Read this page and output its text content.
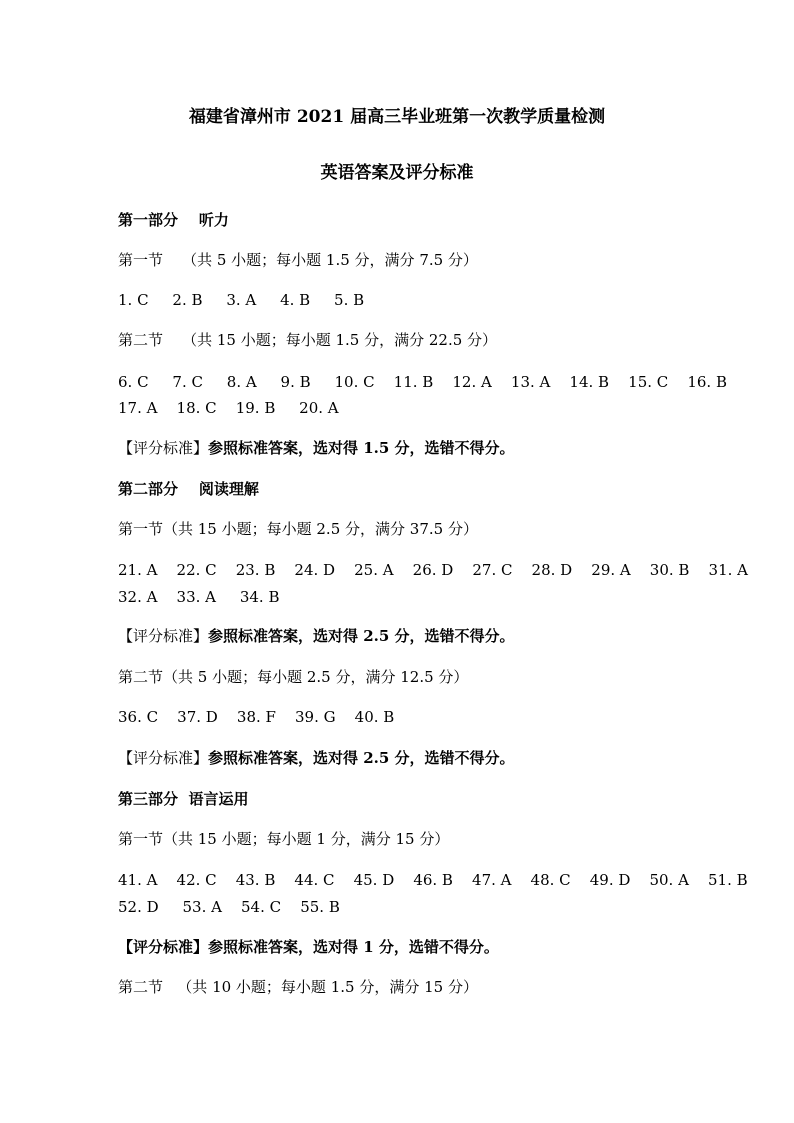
福建省漳州市 2021 届高三毕业班第一次教学质量检测
英语答案及评分标准
第一部分    听力
第一节    （共 5 小题；每小题 1.5 分，满分 7.5 分）
1. C     2. B     3. A     4. B     5. B
第二节    （共 15 小题；每小题 1.5 分，满分 22.5 分）
6. C     7. C     8. A     9. B     10. C    11. B    12. A    13. A    14. B    15. C    16. B
17. A    18. C    19. B     20. A
【评分标准】参照标准答案，选对得 1.5 分，选错不得分。
第二部分    阅读理解
第一节（共 15 小题；每小题 2.5 分，满分 37.5 分）
21. A    22. C    23. B    24. D    25. A    26. D    27. C    28. D    29. A    30. B    31. A
32. A    33. A     34. B
【评分标准】参照标准答案，选对得 2.5 分，选错不得分。
第二节（共 5 小题；每小题 2.5 分，满分 12.5 分）
36. C    37. D    38. F    39. G    40. B
【评分标准】参照标准答案，选对得 2.5 分，选错不得分。
第三部分  语言运用
第一节（共 15 小题；每小题 1 分，满分 15 分）
41. A    42. C    43. B    44. C    45. D    46. B    47. A    48. C    49. D    50. A    51. B
52. D     53. A    54. C    55. B
【评分标准】参照标准答案，选对得 1 分，选错不得分。
第二节   （共 10 小题；每小题 1.5 分，满分 15 分）
